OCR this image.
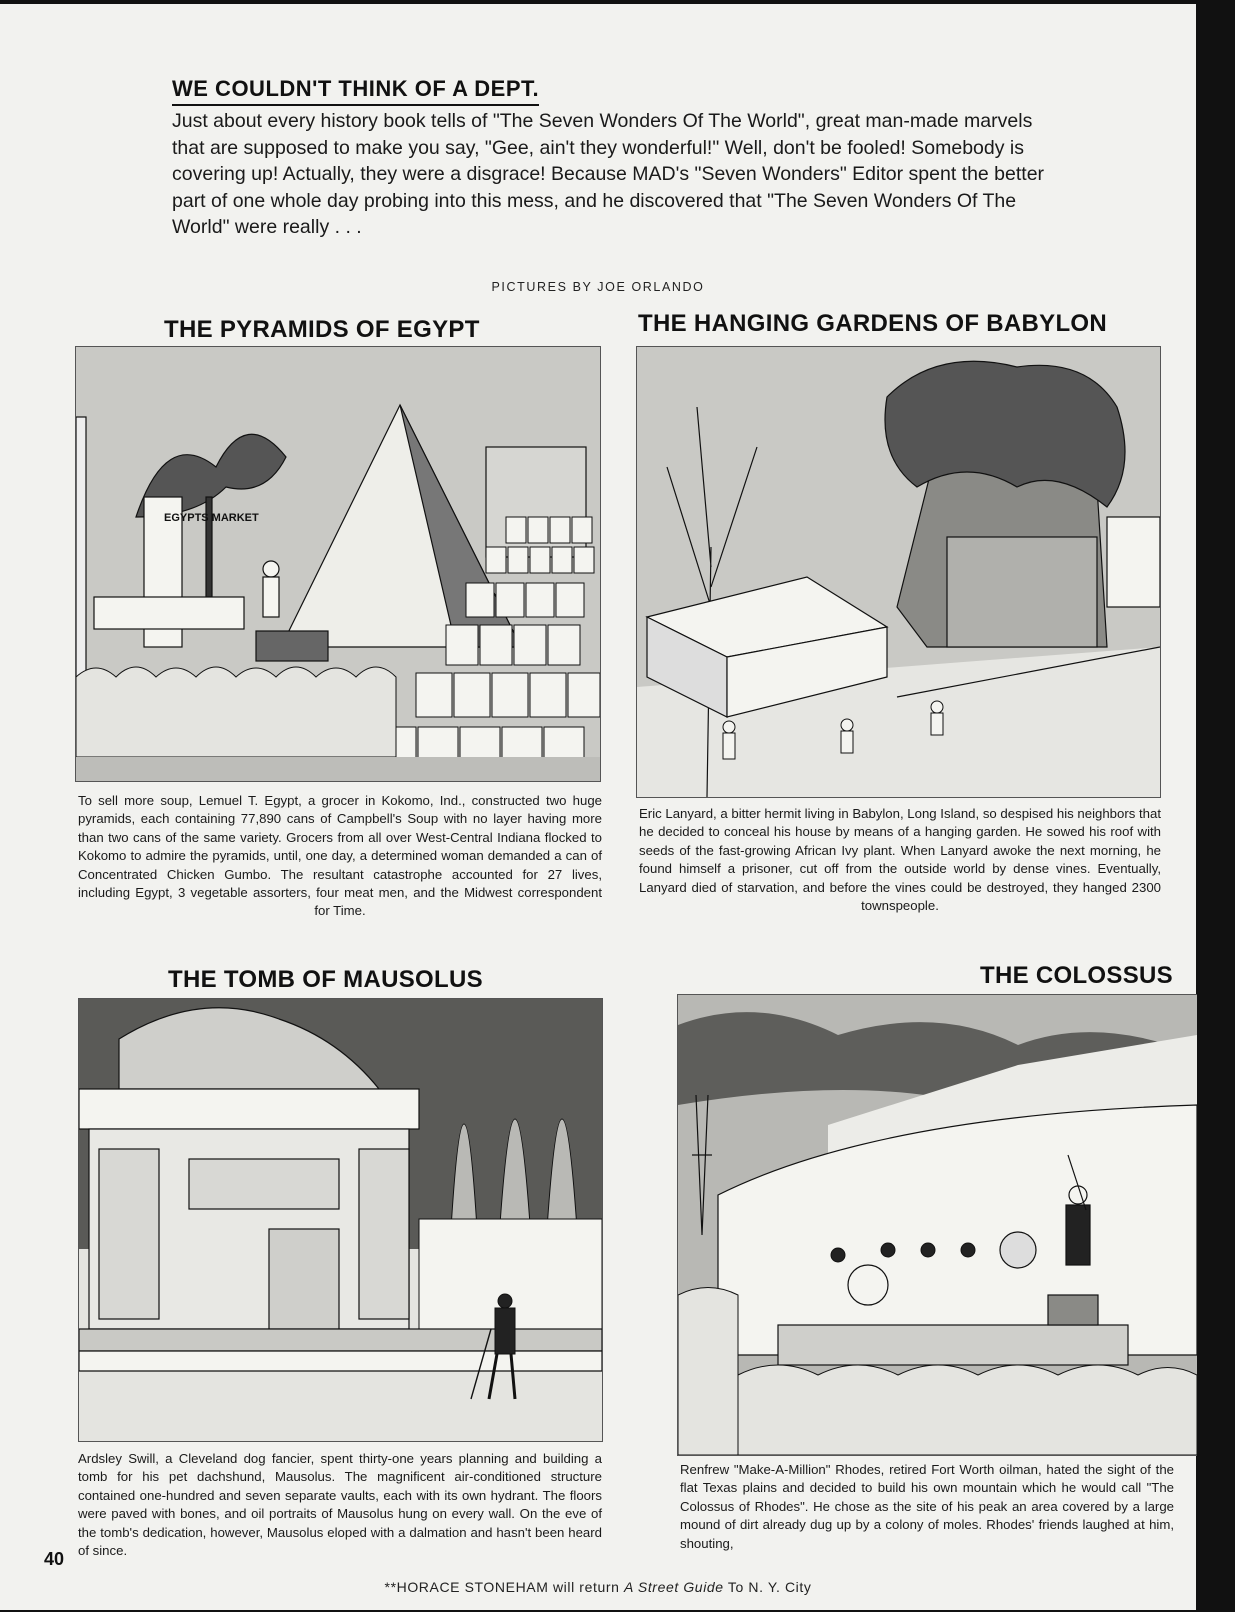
WE COULDN'T THINK OF A DEPT.

Just about every history book tells of "The Seven Wonders Of The World", great man-made marvels that are supposed to make you say, "Gee, ain't they wonderful!" Well, don't be fooled! Somebody is covering up! Actually, they were a disgrace! Because MAD's "Seven Wonders" Editor spent the better part of one whole day probing into this mess, and he discovered that "The Seven Wonders Of The World" were really . . .

PICTURES BY JOE ORLANDO
THE PYRAMIDS OF EGYPT
EGYPTS MARKET

To sell more soup, Lemuel T. Egypt, a grocer in Kokomo, Ind., constructed two huge pyramids, each containing 77,890 cans of Campbell's Soup with no layer having more than two cans of the same variety. Grocers from all over West-Central Indiana flocked to Kokomo to admire the pyramids, until, one day, a determined woman demanded a can of Concentrated Chicken Gumbo. The resultant catastrophe accounted for 27 lives, including Egypt, 3 vegetable assorters, four meat men, and the Midwest correspondent for Time.

THE HANGING GARDENS OF BABYLON

Eric Lanyard, a bitter hermit living in Babylon, Long Island, so despised his neighbors that he decided to conceal his house by means of a hanging garden. He sowed his roof with seeds of the fast-growing African Ivy plant. When Lanyard awoke the next morning, he found himself a prisoner, cut off from the outside world by dense vines. Eventually, Lanyard died of starvation, and before the vines could be destroyed, they hanged 2300 townspeople.

THE TOMB OF MAUSOLUS

Ardsley Swill, a Cleveland dog fancier, spent thirty-one years planning and building a tomb for his pet dachshund, Mausolus. The magnificent air-conditioned structure contained one-hundred and seven separate vaults, each with its own hydrant. The floors were paved with bones, and oil portraits of Mausolus hung on every wall. On the eve of the tomb's dedication, however, Mausolus eloped with a dalmation and hasn't been heard of since.

THE COLOSSUS

Renfrew "Make-A-Million" Rhodes, retired Fort Worth oilman, hated the sight of the flat Texas plains and decided to build his own mountain which he would call "The Colossus of Rhodes". He chose as the site of his peak an area covered by a large mound of dirt already dug up by a colony of moles. Rhodes' friends laughed at him, shouting,

40
**HORACE STONEHAM will return A Street Guide To N. Y. City
